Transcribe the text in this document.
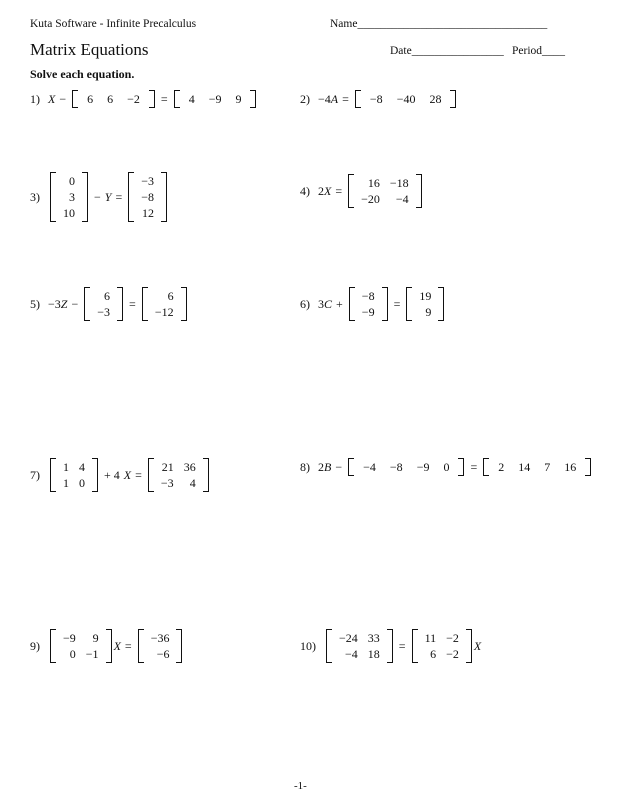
Kuta Software - Infinite Precalculus	Name_________________________________
Matrix Equations	Date________________ Period____
Solve each equation.
1) X − 6	6	−2 = 4	−9	9	2) −4 A = −8	−40	28
3)
0
3
10
− Y =
−3
−8
12
4) 2 X =
16	−18
−20	−4
5) −3 Z −
6
−3
=
6
−12
6) 3 C +
−8
−9
=
19
9
7)
1	4
1	0
+ 4 X =
21	36
−3	4
8) 2 B − −4	−8	−9	0 = 2	14	7	16
9)
−9	9
0	−1
X =
−36
−6
10)
−24	33
−4	18
=
11	−2
6	−2
X
-1-
